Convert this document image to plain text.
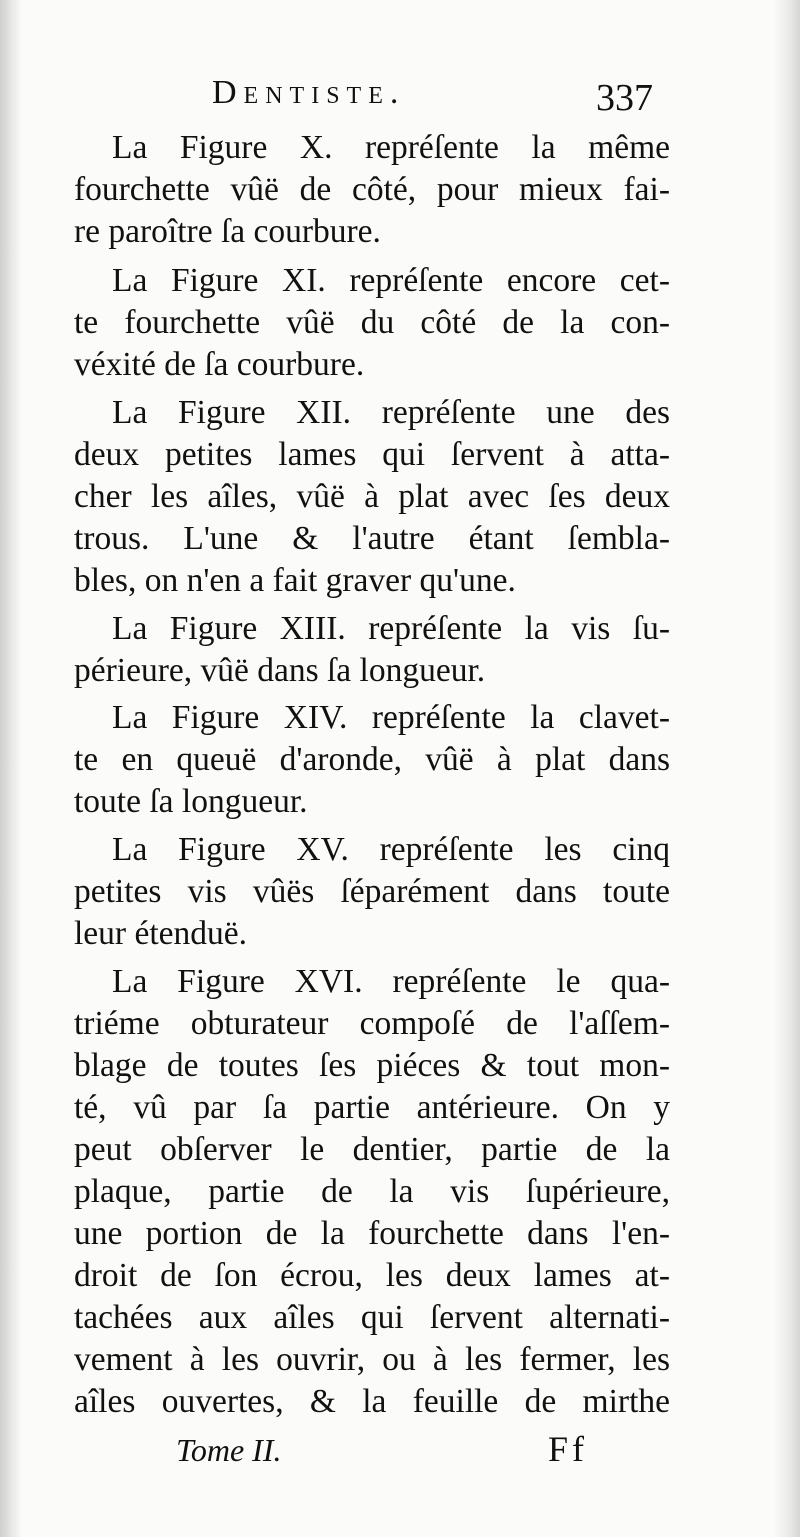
Dentiste.	337
La Figure X. repréſente la même
fourchette vûë de côté, pour mieux fai-
re paroître ſa courbure.
La Figure XI. repréſente encore cet-
te fourchette vûë du côté de la con-
véxité de ſa courbure.
La Figure XII. repréſente une des
deux petites lames qui ſervent à atta-
cher les aîles, vûë à plat avec ſes deux
trous. L'une & l'autre étant ſembla-
bles, on n'en a fait graver qu'une.
La Figure XIII. repréſente la vis ſu-
périeure, vûë dans ſa longueur.
La Figure XIV. repréſente la clavet-
te en queuë d'aronde, vûë à plat dans
toute ſa longueur.
La Figure XV. repréſente les cinq
petites vis vûës ſéparément dans toute
leur étenduë.
La Figure XVI. repréſente le qua-
triéme obturateur compoſé de l'aſſem-
blage de toutes ſes piéces & tout mon-
té, vû par ſa partie antérieure. On y
peut obſerver le dentier, partie de la
plaque, partie de la vis ſupérieure,
une portion de la fourchette dans l'en-
droit de ſon écrou, les deux lames at-
tachées aux aîles qui ſervent alternati-
vement à les ouvrir, ou à les fermer, les
aîles ouvertes, & la feuille de mirthe
Tome II.	Ff
